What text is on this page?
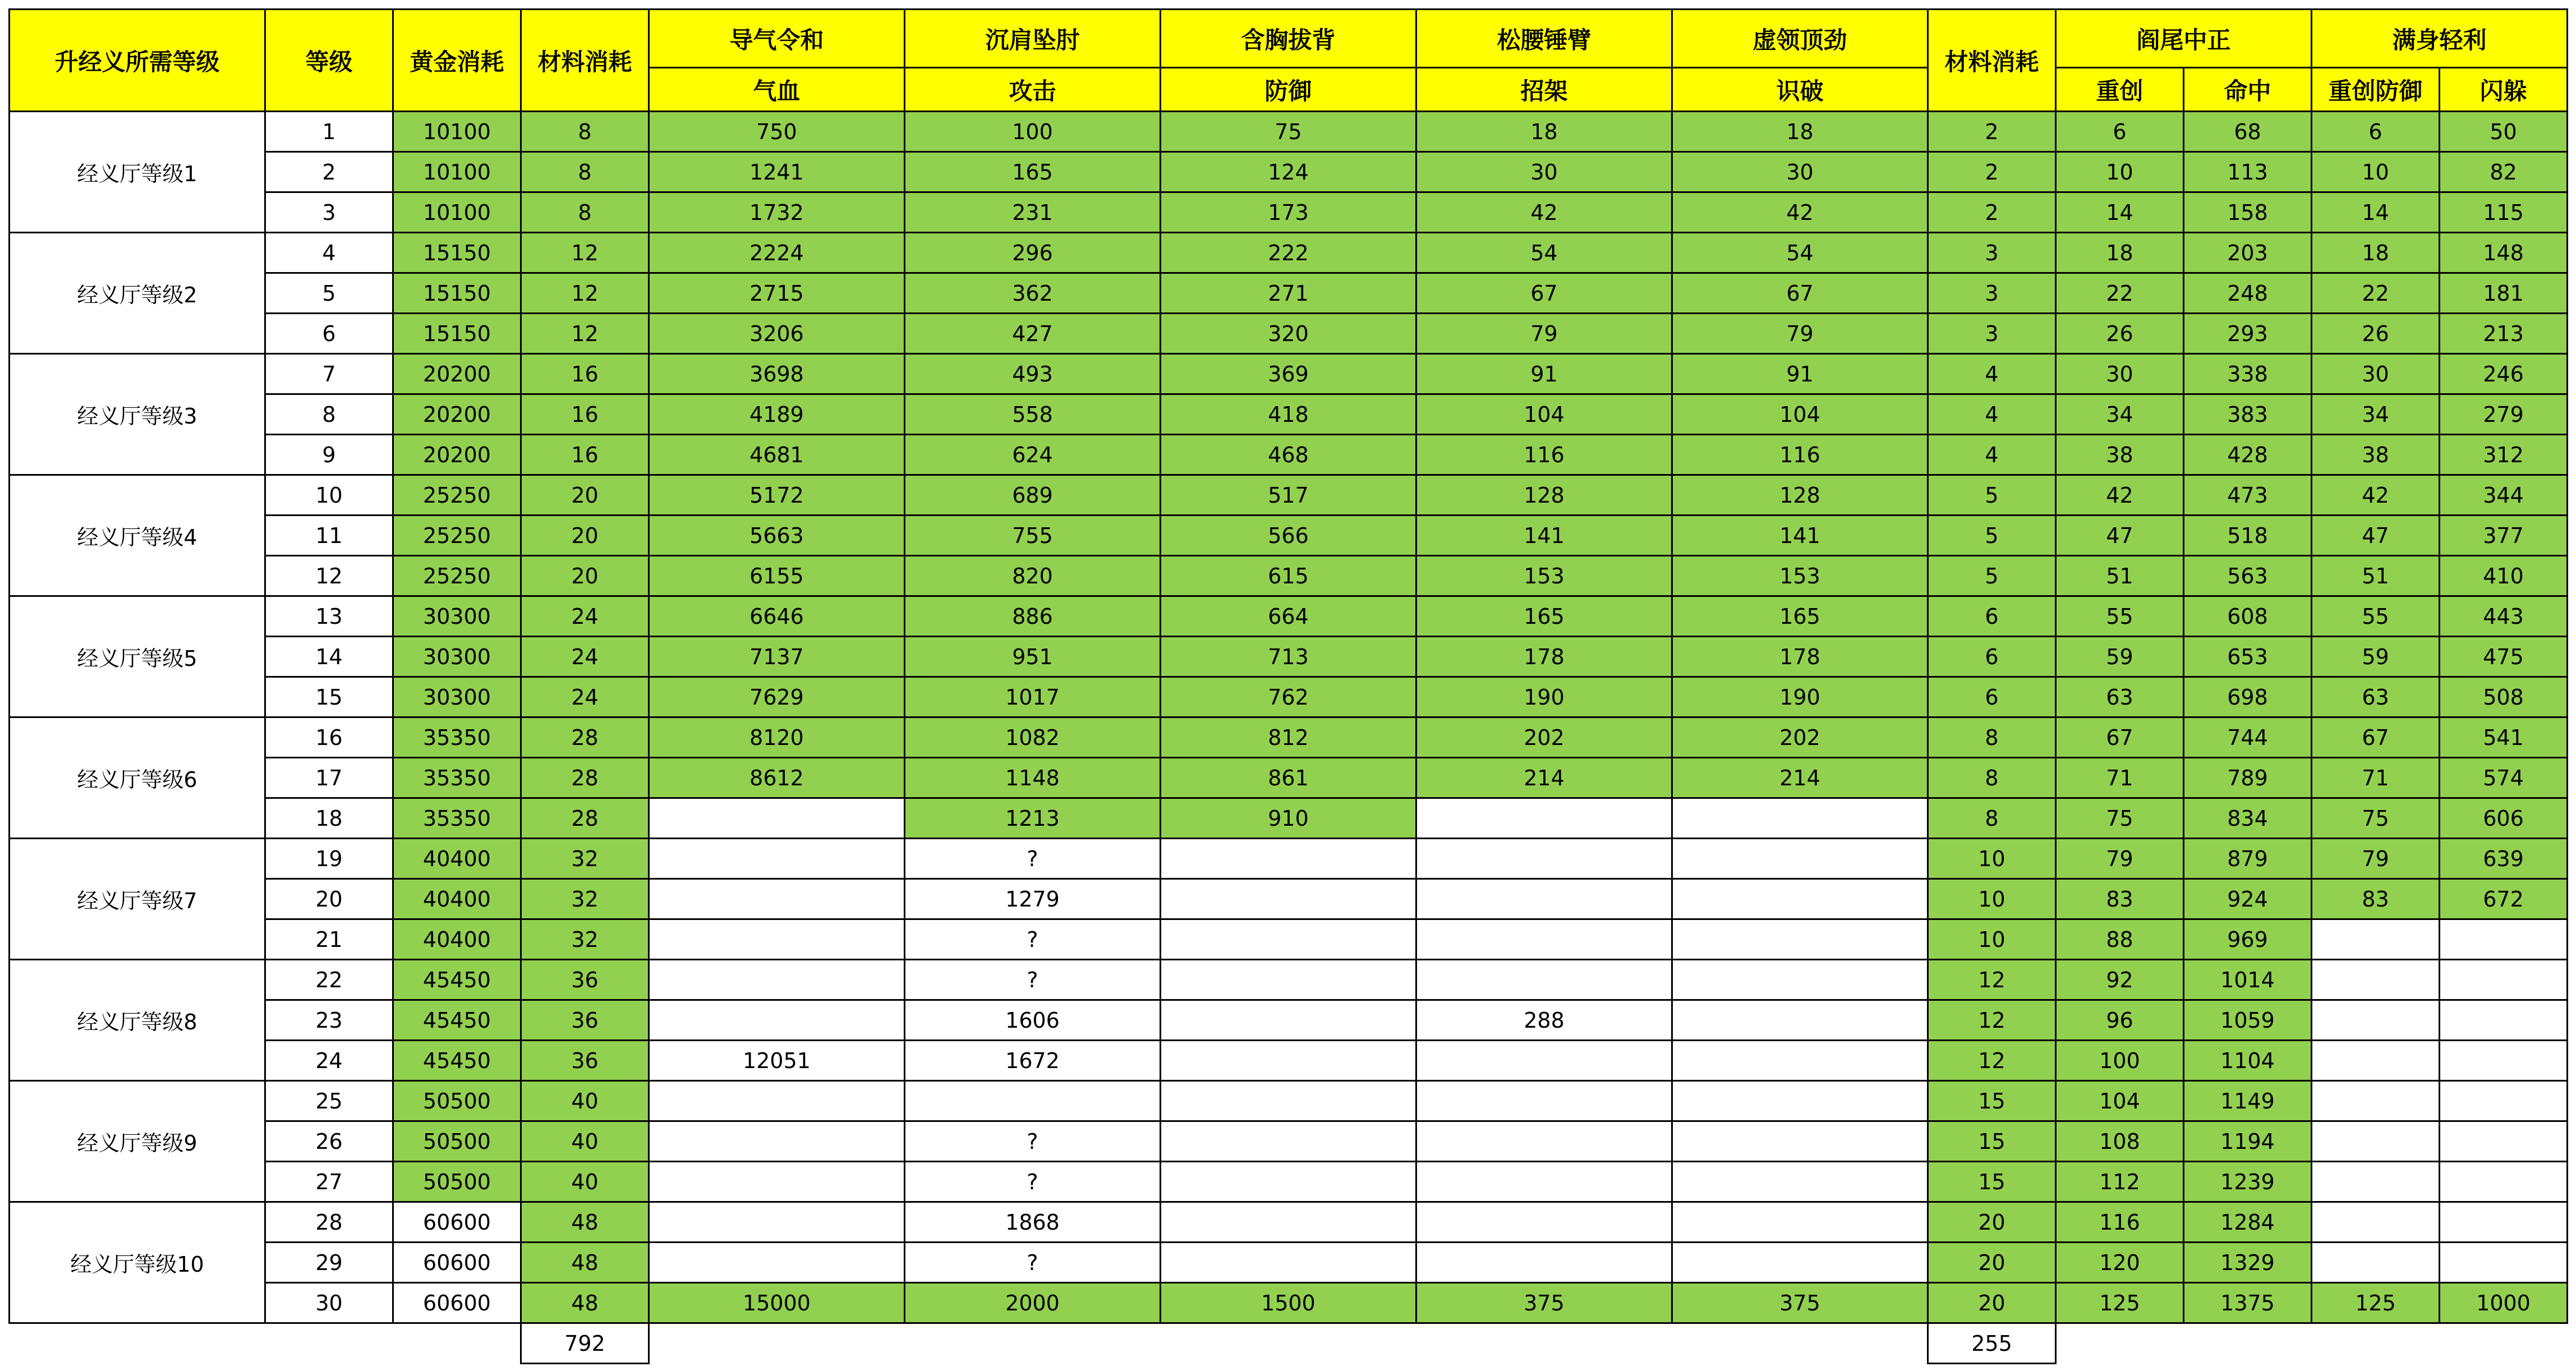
升经义所需等级	等级	黄金消耗	材料消耗	导气令和	沉肩坠肘	含胸拔背	松腰锤臂	虚领顶劲	材料消耗	阎尾中正		满身轻利	
				气血	攻击	防御	招架	识破		重创	命中	重创防御	闪躲
经义厅等级1	1	10100	8	750	100	75	18	18	2	6	68	6	50
	2	10100	8	1241	165	124	30	30	2	10	113	10	82
	3	10100	8	1732	231	173	42	42	2	14	158	14	115
经义厅等级2	4	15150	12	2224	296	222	54	54	3	18	203	18	148
	5	15150	12	2715	362	271	67	67	3	22	248	22	181
	6	15150	12	3206	427	320	79	79	3	26	293	26	213
经义厅等级3	7	20200	16	3698	493	369	91	91	4	30	338	30	246
	8	20200	16	4189	558	418	104	104	4	34	383	34	279
	9	20200	16	4681	624	468	116	116	4	38	428	38	312
经义厅等级4	10	25250	20	5172	689	517	128	128	5	42	473	42	344
	11	25250	20	5663	755	566	141	141	5	47	518	47	377
	12	25250	20	6155	820	615	153	153	5	51	563	51	410
经义厅等级5	13	30300	24	6646	886	664	165	165	6	55	608	55	443
	14	30300	24	7137	951	713	178	178	6	59	653	59	475
	15	30300	24	7629	1017	762	190	190	6	63	698	63	508
经义厅等级6	16	35350	28	8120	1082	812	202	202	8	67	744	67	541
	17	35350	28	8612	1148	861	214	214	8	71	789	71	574
	18	35350	28		1213	910			8	75	834	75	606
经义厅等级7	19	40400	32		?				10	79	879	79	639
	20	40400	32		1279				10	83	924	83	672
	21	40400	32		?				10	88	969		
经义厅等级8	22	45450	36		?				12	92	1014		
	23	45450	36		1606		288		12	96	1059		
	24	45450	36	12051	1672				12	100	1104		
经义厅等级9	25	50500	40						15	104	1149		
	26	50500	40		?				15	108	1194		
	27	50500	40		?				15	112	1239		
经义厅等级10	28	60600	48		1868				20	116	1284		
	29	60600	48		?				20	120	1329		
	30	60600	48	15000	2000	1500	375	375	20	125	1375	125	1000
			792						255				
